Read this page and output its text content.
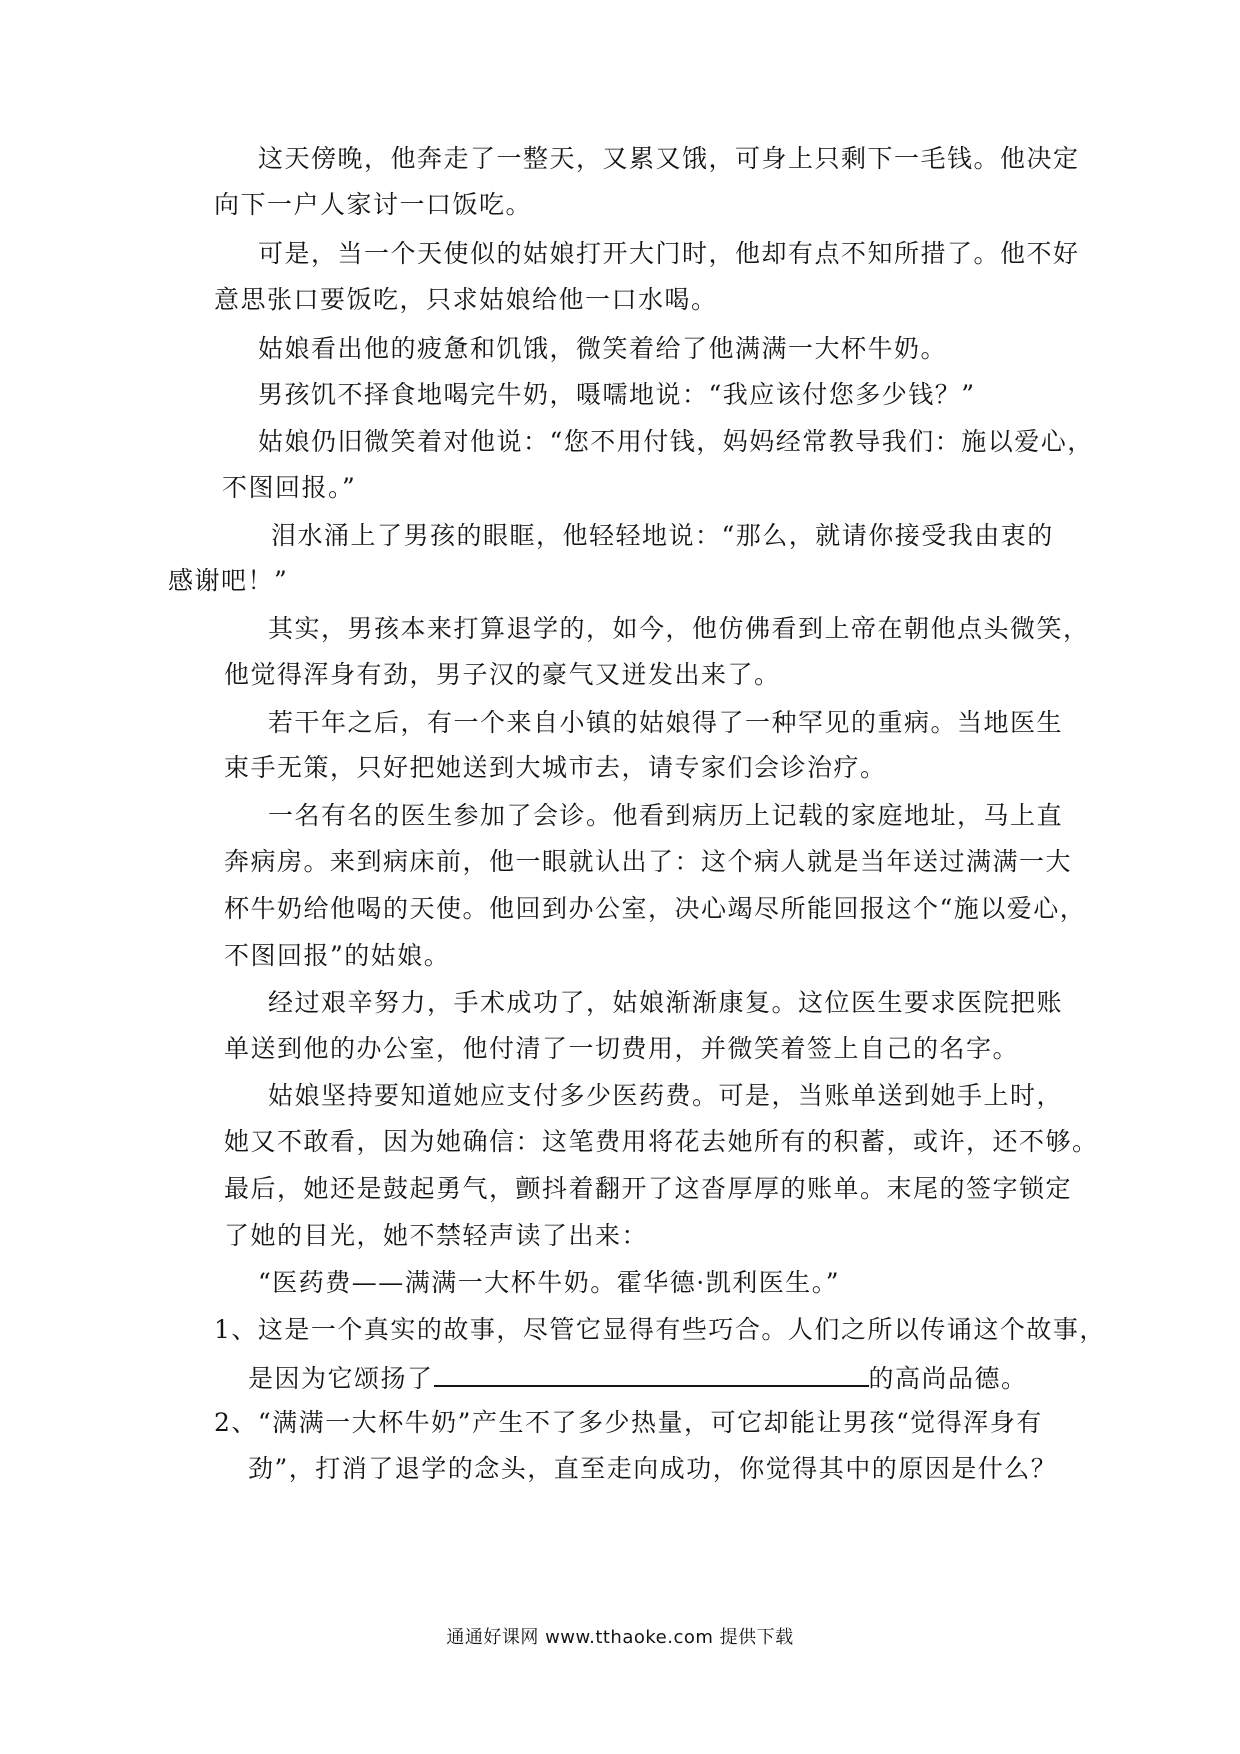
这天傍晚，他奔走了一整天，又累又饿，可身上只剩下一毛钱。他决定

向下一户人家讨一口饭吃。

可是，当一个天使似的姑娘打开大门时，他却有点不知所措了。他不好

意思张口要饭吃，只求姑娘给他一口水喝。

姑娘看出他的疲惫和饥饿，微笑着给了他满满一大杯牛奶。

男孩饥不择食地喝完牛奶，嗫嚅地说：“我应该付您多少钱？”

姑娘仍旧微笑着对他说：“您不用付钱，妈妈经常教导我们：施以爱心，

不图回报。”

泪水涌上了男孩的眼眶，他轻轻地说：“那么，就请你接受我由衷的

感谢吧！”

其实，男孩本来打算退学的，如今，他仿佛看到上帝在朝他点头微笑，

他觉得浑身有劲，男子汉的豪气又迸发出来了。

若干年之后，有一个来自小镇的姑娘得了一种罕见的重病。当地医生

束手无策，只好把她送到大城市去，请专家们会诊治疗。

一名有名的医生参加了会诊。他看到病历上记载的家庭地址，马上直

奔病房。来到病床前，他一眼就认出了：这个病人就是当年送过满满一大

杯牛奶给他喝的天使。他回到办公室，决心竭尽所能回报这个“施以爱心，

不图回报”的姑娘。

经过艰辛努力，手术成功了，姑娘渐渐康复。这位医生要求医院把账

单送到他的办公室，他付清了一切费用，并微笑着签上自己的名字。

姑娘坚持要知道她应支付多少医药费。可是，当账单送到她手上时，

她又不敢看，因为她确信：这笔费用将花去她所有的积蓄，或许，还不够。

最后，她还是鼓起勇气，颤抖着翻开了这沓厚厚的账单。末尾的签字锁定

了她的目光，她不禁轻声读了出来：

“医药费——满满一大杯牛奶。霍华德·凯利医生。”

1、这是一个真实的故事，尽管它显得有些巧合。人们之所以传诵这个故事，

是因为它颂扬了	的高尚品德。

2、“满满一大杯牛奶”产生不了多少热量，可它却能让男孩“觉得浑身有

劲”，打消了退学的念头，直至走向成功，你觉得其中的原因是什么？

通通好课网 www.tthaoke.com 提供下载
